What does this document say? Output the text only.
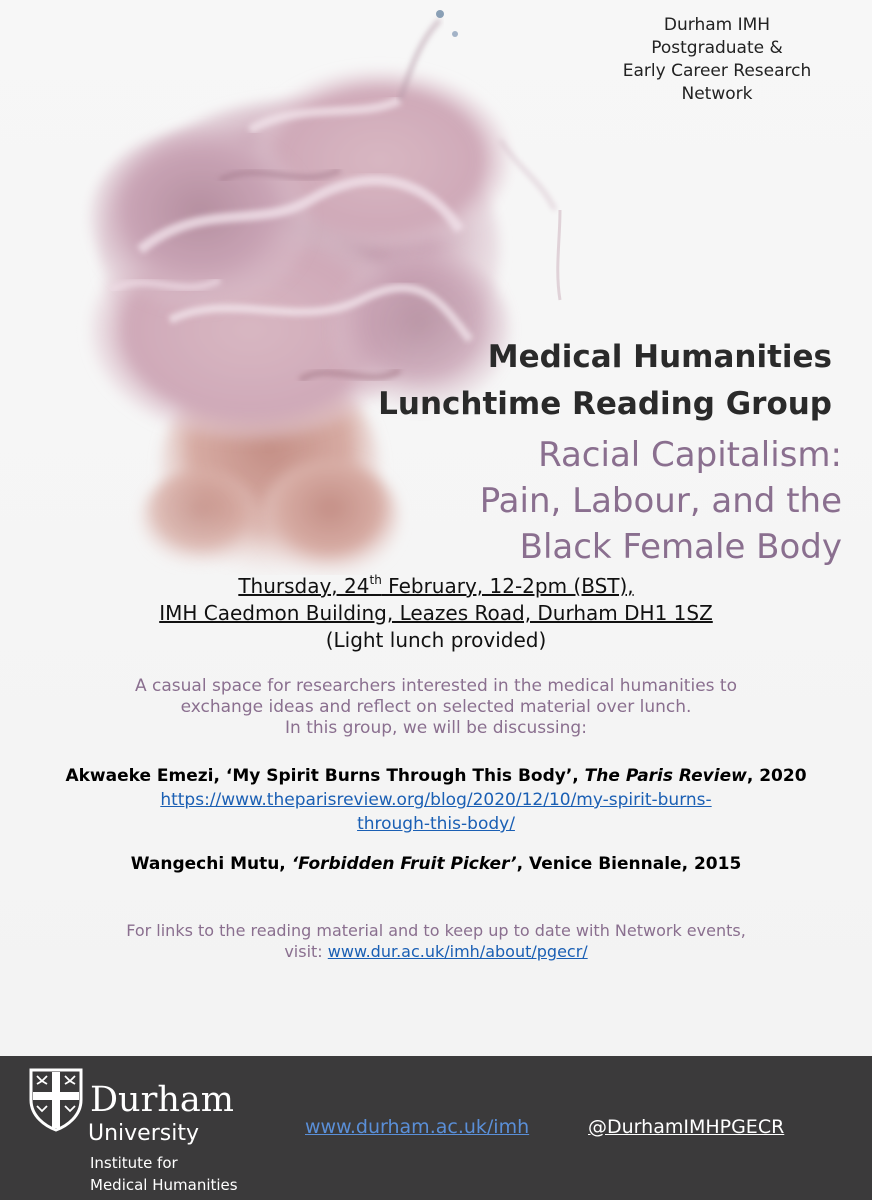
Durham IMH
Postgraduate &
Early Career Research
Network
Medical Humanities
Lunchtime Reading Group
Racial Capitalism:
Pain, Labour, and the
Black Female Body
Thursday, 24th February, 12-2pm (BST),
IMH Caedmon Building, Leazes Road, Durham DH1 1SZ
(Light lunch provided)
A casual space for researchers interested in the medical humanities to
exchange ideas and reflect on selected material over lunch.
In this group, we will be discussing:
Akwaeke Emezi, ‘My Spirit Burns Through This Body’, The Paris Review, 2020
https://www.theparisreview.org/blog/2020/12/10/my-spirit-burns-
through-this-body/
Wangechi Mutu, ‘Forbidden Fruit Picker’, Venice Biennale, 2015
For links to the reading material and to keep up to date with Network events,
visit: www.dur.ac.uk/imh/about/pgecr/
Durham
University
Institute for
Medical Humanities
www.durham.ac.uk/imh	@DurhamIMHPGECR
